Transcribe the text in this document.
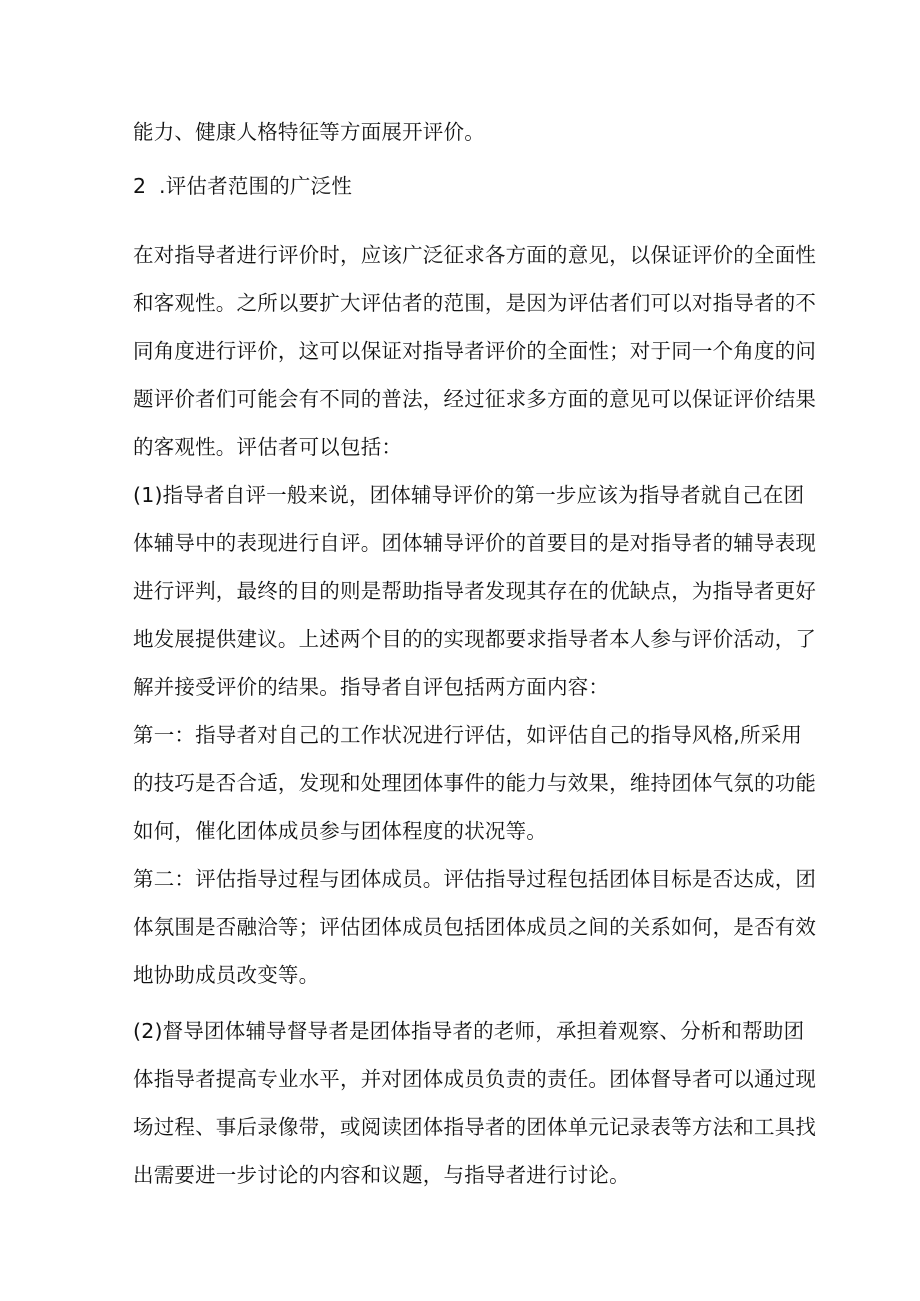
能力、健康人格特征等方面展开评价。
2 .评估者范围的广泛性
在对指导者进行评价时，应该广泛征求各方面的意见，以保证评价的全面性
和客观性。之所以要扩大评估者的范围，是因为评估者们可以对指导者的不
同角度进行评价，这可以保证对指导者评价的全面性；对于同一个角度的问
题评价者们可能会有不同的普法，经过征求多方面的意见可以保证评价结果
的客观性。评估者可以包括：
(1)指导者自评一般来说，团体辅导评价的第一步应该为指导者就自己在团
体辅导中的表现进行自评。团体辅导评价的首要目的是对指导者的辅导表现
进行评判，最终的目的则是帮助指导者发现其存在的优缺点，为指导者更好
地发展提供建议。上述两个目的的实现都要求指导者本人参与评价活动，了
解并接受评价的结果。指导者自评包括两方面内容：
第一：指导者对自己的工作状况进行评估，如评估自己的指导风格,所采用
的技巧是否合适，发现和处理团体事件的能力与效果，维持团体气氛的功能
如何，催化团体成员参与团体程度的状况等。
第二：评估指导过程与团体成员。评估指导过程包括团体目标是否达成，团
体氛围是否融洽等；评估团体成员包括团体成员之间的关系如何，是否有效
地协助成员改变等。
(2)督导团体辅导督导者是团体指导者的老师，承担着观察、分析和帮助团
体指导者提高专业水平，并对团体成员负责的责任。团体督导者可以通过现
场过程、事后录像带，或阅读团体指导者的团体单元记录表等方法和工具找
出需要进一步讨论的内容和议题，与指导者进行讨论。
